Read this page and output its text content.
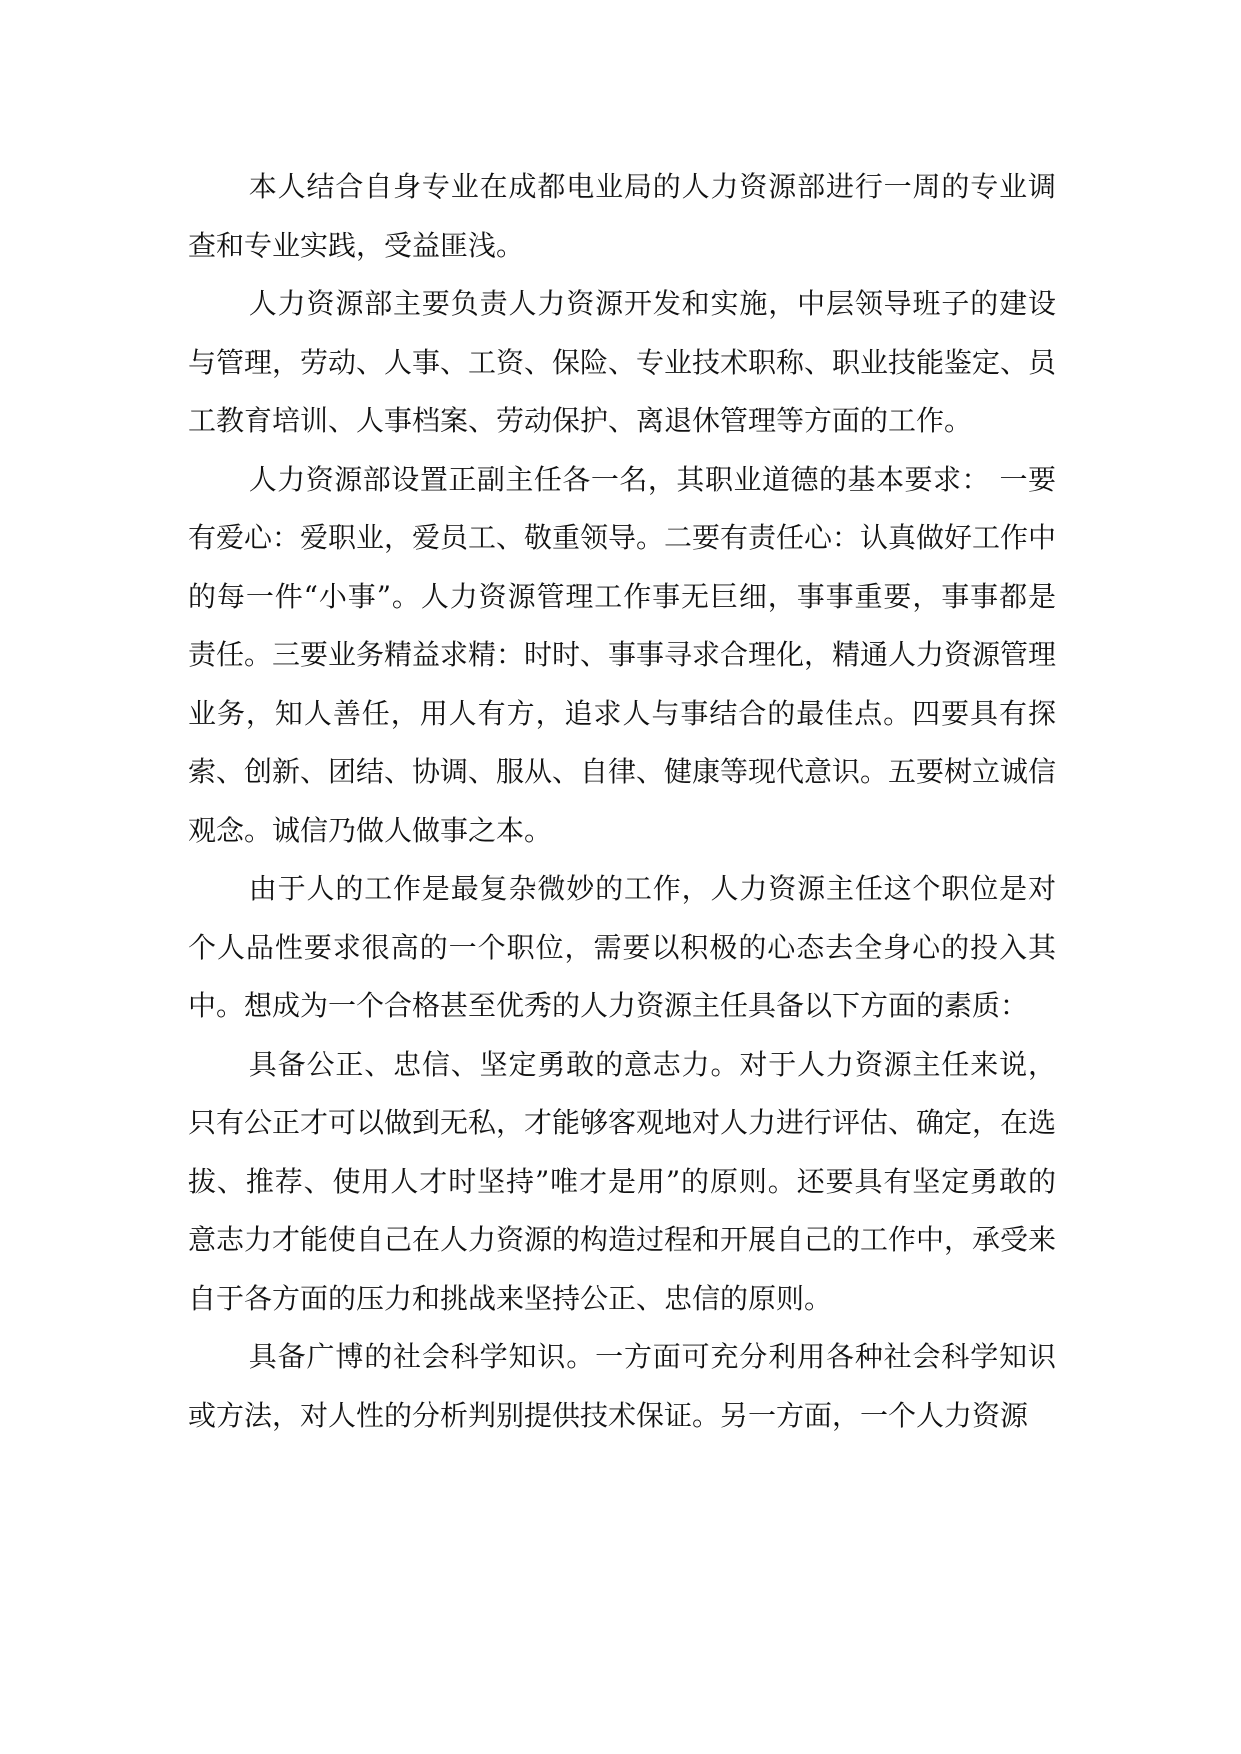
本人结合自身专业在成都电业局的人力资源部进行一周的专业调查和专业实践，受益匪浅。

人力资源部主要负责人力资源开发和实施，中层领导班子的建设与管理，劳动、人事、工资、保险、专业技术职称、职业技能鉴定、员工教育培训、人事档案、劳动保护、离退休管理等方面的工作。

人力资源部设置正副主任各一名，其职业道德的基本要求： 一要有爱心：爱职业，爱员工、敬重领导。二要有责任心：认真做好工作中的每一件“小事”。人力资源管理工作事无巨细，事事重要，事事都是责任。三要业务精益求精：时时、事事寻求合理化，精通人力资源管理业务，知人善任，用人有方，追求人与事结合的最佳点。四要具有探索、创新、团结、协调、服从、自律、健康等现代意识。五要树立诚信观念。诚信乃做人做事之本。

由于人的工作是最复杂微妙的工作，人力资源主任这个职位是对个人品性要求很高的一个职位，需要以积极的心态去全身心的投入其中。想成为一个合格甚至优秀的人力资源主任具备以下方面的素质：

具备公正、忠信、坚定勇敢的意志力。对于人力资源主任来说，只有公正才可以做到无私，才能够客观地对人力进行评估、确定，在选拔、推荐、使用人才时坚持”唯才是用”的原则。还要具有坚定勇敢的意志力才能使自己在人力资源的构造过程和开展自己的工作中，承受来自于各方面的压力和挑战来坚持公正、忠信的原则。

具备广博的社会科学知识。一方面可充分利用各种社会科学知识或方法，对人性的分析判别提供技术保证。另一方面，一个人力资源
